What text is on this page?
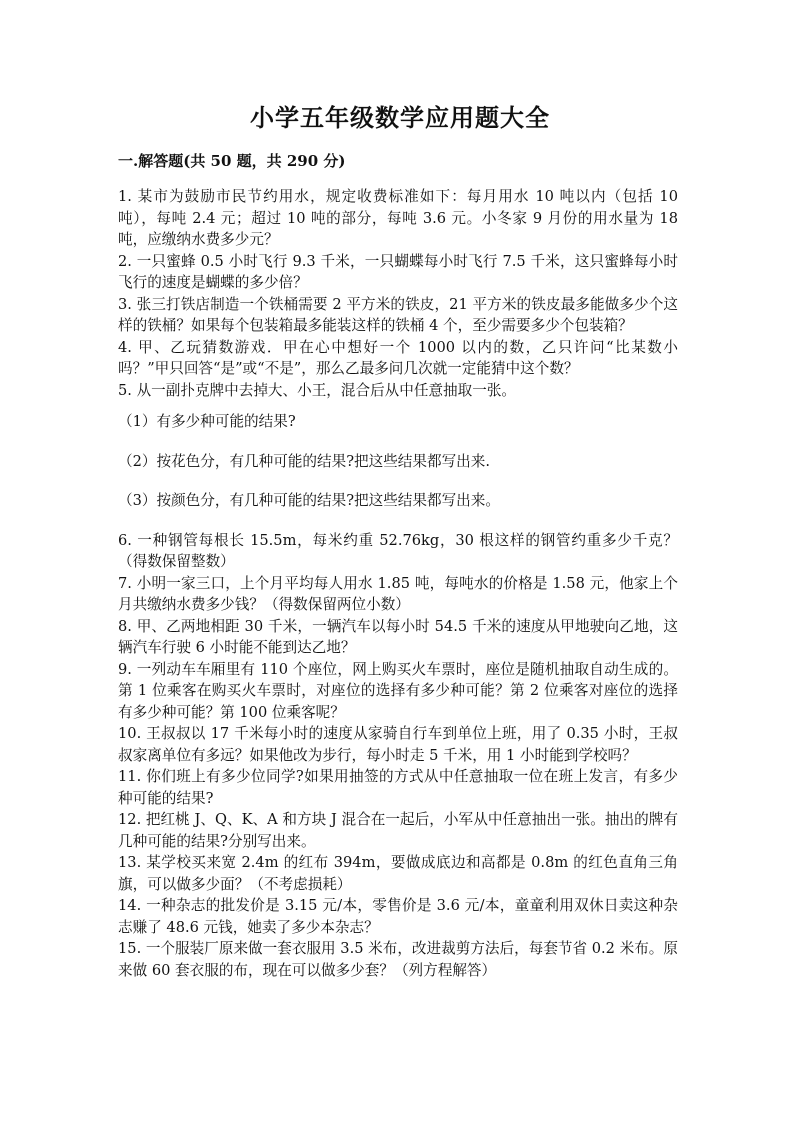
小学五年级数学应用题大全
一.解答题(共 50 题，共 290 分)

1. 某市为鼓励市民节约用水，规定收费标准如下：每月用水 10 吨以内（包括 10 吨），每吨 2.4 元；超过 10 吨的部分，每吨 3.6 元。小冬家 9 月份的用水量为 18 吨，应缴纳水费多少元？

2. 一只蜜蜂 0.5 小时飞行 9.3 千米，一只蝴蝶每小时飞行 7.5 千米，这只蜜蜂每小时飞行的速度是蝴蝶的多少倍？

3. 张三打铁店制造一个铁桶需要 2 平方米的铁皮，21 平方米的铁皮最多能做多少个这样的铁桶？如果每个包装箱最多能装这样的铁桶 4 个，至少需要多少个包装箱？

4. 甲、乙玩猜数游戏．甲在心中想好一个 1000 以内的数，乙只许问“比某数小吗？”甲只回答“是”或“不是”，那么乙最多问几次就一定能猜中这个数？

5. 从一副扑克牌中去掉大、小王，混合后从中任意抽取一张。

（1）有多少种可能的结果?

（2）按花色分，有几种可能的结果?把这些结果都写出来.

（3）按颜色分，有几种可能的结果?把这些结果都写出来。

6. 一种钢管每根长 15.5m，每米约重 52.76kg，30 根这样的钢管约重多少千克？（得数保留整数）

7. 小明一家三口，上个月平均每人用水 1.85 吨，每吨水的价格是 1.58 元，他家上个月共缴纳水费多少钱？（得数保留两位小数）

8. 甲、乙两地相距 30 千米，一辆汽车以每小时 54.5 千米的速度从甲地驶向乙地，这辆汽车行驶 6 小时能不能到达乙地？

9. 一列动车车厢里有 110 个座位，网上购买火车票时，座位是随机抽取自动生成的。第 1 位乘客在购买火车票时，对座位的选择有多少种可能？第 2 位乘客对座位的选择有多少种可能？第 100 位乘客呢？

10. 王叔叔以 17 千米每小时的速度从家骑自行车到单位上班，用了 0.35 小时，王叔叔家离单位有多远？如果他改为步行，每小时走 5 千米，用 1 小时能到学校吗？

11. 你们班上有多少位同学?如果用抽签的方式从中任意抽取一位在班上发言，有多少种可能的结果?

12. 把红桃 J、Q、K、A 和方块 J 混合在一起后，小军从中任意抽出一张。抽出的牌有几种可能的结果?分别写出来。

13. 某学校买来宽 2.4m 的红布 394m，要做成底边和高都是 0.8m 的红色直角三角旗，可以做多少面？（不考虑损耗）

14. 一种杂志的批发价是 3.15 元/本，零售价是 3.6 元/本，童童利用双休日卖这种杂志赚了 48.6 元钱，她卖了多少本杂志？

15. 一个服装厂原来做一套衣服用 3.5 米布，改进裁剪方法后，每套节省 0.2 米布。原来做 60 套衣服的布，现在可以做多少套？（列方程解答）
